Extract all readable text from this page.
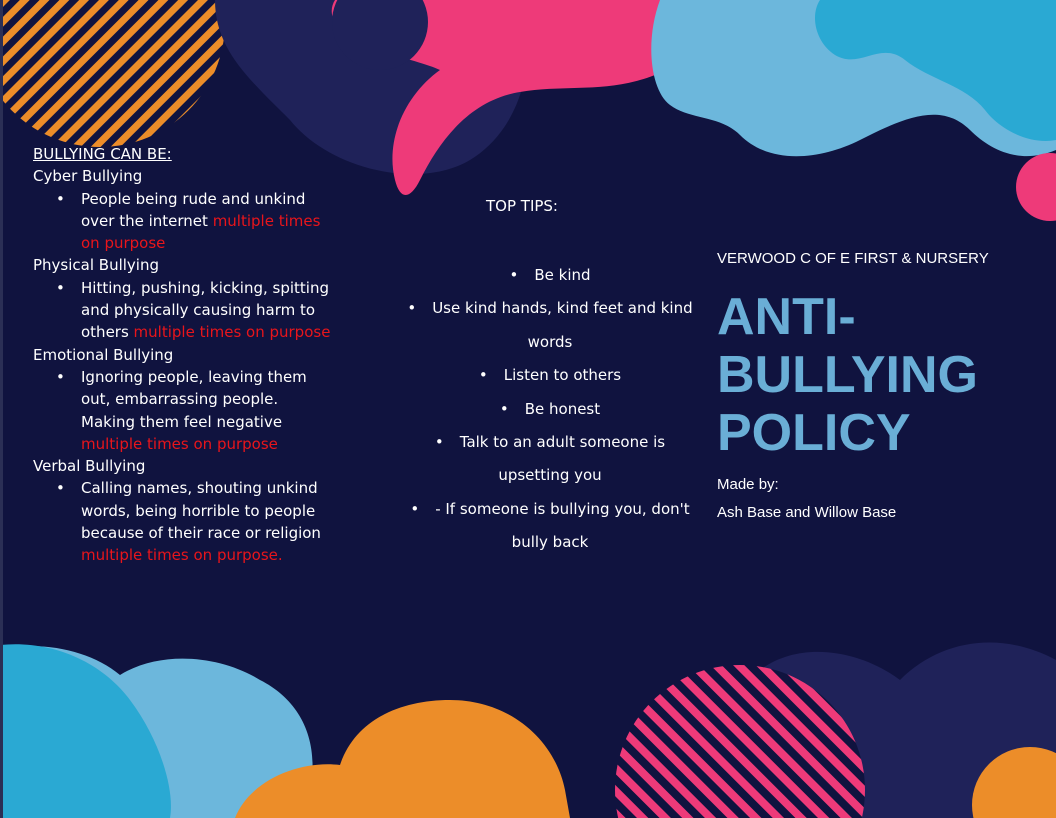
BULLYING CAN BE:
Cyber Bullying
• People being rude and unkind over the internet multiple times on purpose
Physical Bullying
• Hitting, pushing, kicking, spitting and physically causing harm to others multiple times on purpose
Emotional Bullying
• Ignoring people, leaving them out, embarrassing people. Making them feel negative multiple times on purpose
Verbal Bullying
• Calling names, shouting unkind words, being horrible to people because of their race or religion multiple times on purpose.
TOP TIPS:
• Be kind
• Use kind hands, kind feet and kind words
• Listen to others
• Be honest
• Talk to an adult someone is upsetting you
• - If someone is bullying you, don't bully back
VERWOOD C OF E FIRST & NURSERY
ANTI-
BULLYING
POLICY
Made by:
Ash Base and Willow Base
